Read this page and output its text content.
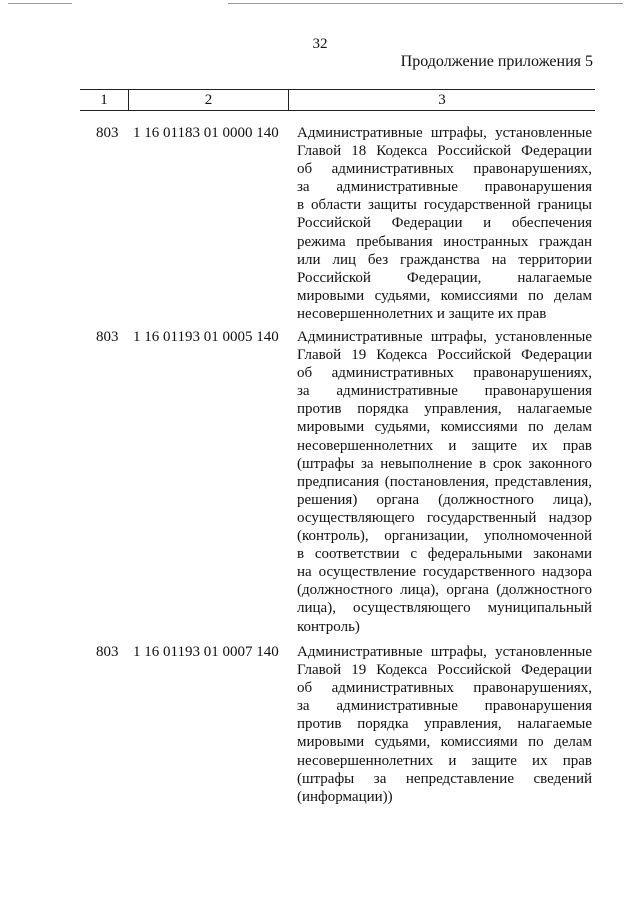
32
Продолжение приложения 5
1	2	3
803 1 16 01183 01 0000 140 Административные штрафы, установленные
Главой 18 Кодекса Российской Федерации
об административных правонарушениях,
за административные правонарушения
в области защиты государственной границы
Российской Федерации и обеспечения
режима пребывания иностранных граждан
или лиц без гражданства на территории
Российской Федерации, налагаемые
мировыми судьями, комиссиями по делам
несовершеннолетних и защите их прав
803 1 16 01193 01 0005 140 Административные штрафы, установленные
Главой 19 Кодекса Российской Федерации
об административных правонарушениях,
за административные правонарушения
против порядка управления, налагаемые
мировыми судьями, комиссиями по делам
несовершеннолетних и защите их прав
(штрафы за невыполнение в срок законного
предписания (постановления, представления,
решения) органа (должностного лица),
осуществляющего государственный надзор
(контроль), организации, уполномоченной
в соответствии с федеральными законами
на осуществление государственного надзора
(должностного лица), органа (должностного
лица), осуществляющего муниципальный
контроль)
803 1 16 01193 01 0007 140 Административные штрафы, установленные
Главой 19 Кодекса Российской Федерации
об административных правонарушениях,
за административные правонарушения
против порядка управления, налагаемые
мировыми судьями, комиссиями по делам
несовершеннолетних и защите их прав
(штрафы за непредставление сведений
(информации))
